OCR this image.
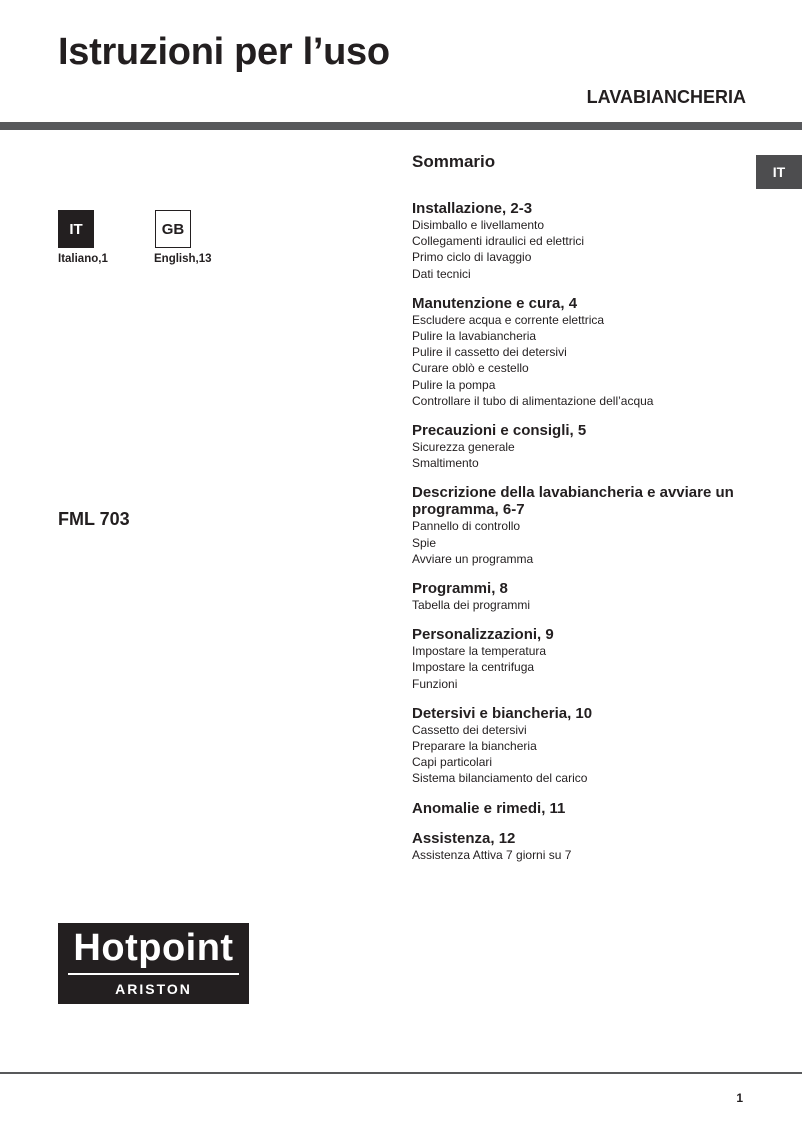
Istruzioni per l’uso
LAVABIANCHERIA
IT
IT
Italiano,1
GB
English,13
FML 703
Hotpoint
ARISTON
Sommario
Installazione, 2-3
Disimballo e livellamento
Collegamenti idraulici ed elettrici
Primo ciclo di lavaggio
Dati tecnici
Manutenzione e cura, 4
Escludere acqua e corrente elettrica
Pulire la lavabiancheria
Pulire il cassetto dei detersivi
Curare oblò e cestello
Pulire la pompa
Controllare il tubo di alimentazione dell’acqua
Precauzioni e consigli, 5
Sicurezza generale
Smaltimento
Descrizione della lavabiancheria e avviare un programma, 6-7
Pannello di controllo
Spie
Avviare un programma
Programmi, 8
Tabella dei programmi
Personalizzazioni, 9
Impostare la temperatura
Impostare la centrifuga
Funzioni
Detersivi e biancheria, 10
Cassetto dei detersivi
Preparare la biancheria
Capi particolari
Sistema bilanciamento del carico
Anomalie e rimedi, 11
Assistenza, 12
Assistenza Attiva 7 giorni su 7
1
